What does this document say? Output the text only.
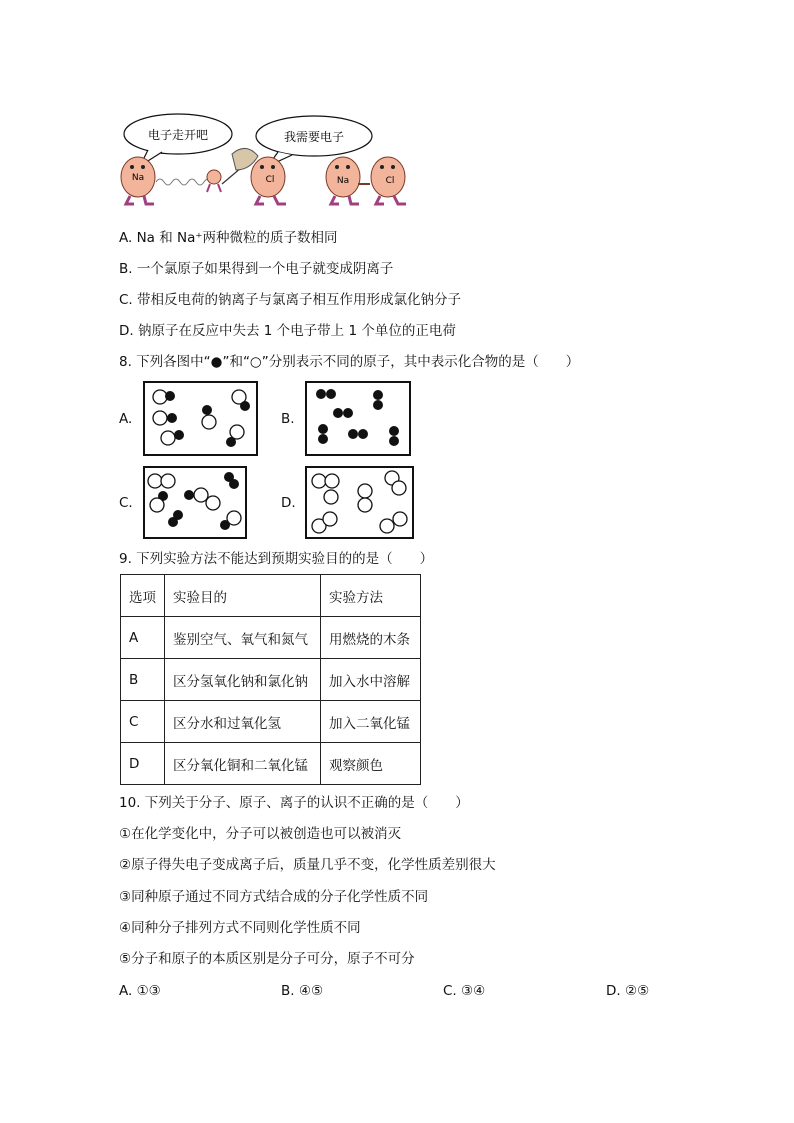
电子走开吧	我需要电子
Na	Cl	Na	Cl
A. Na 和 Na⁺两种微粒的质子数相同
B. 一个氯原子如果得到一个电子就变成阴离子
C. 带相反电荷的钠离子与氯离子相互作用形成氯化钠分子
D. 钠原子在反应中失去 1 个电子带上 1 个单位的正电荷
8. 下列各图中“●”和“○”分别表示不同的原子，其中表示化合物的是（　　）
A.	B.
C.	D.
9. 下列实验方法不能达到预期实验目的的是（　　）
选项	实验目的	实验方法
A	鉴别空气、氧气和氮气	用燃烧的木条
B	区分氢氧化钠和氯化钠	加入水中溶解
C	区分水和过氧化氢	加入二氧化锰
D	区分氧化铜和二氧化锰	观察颜色
10. 下列关于分子、原子、离子的认识不正确的是（　　）
①在化学变化中，分子可以被创造也可以被消灭
②原子得失电子变成离子后，质量几乎不变，化学性质差别很大
③同种原子通过不同方式结合成的分子化学性质不同
④同种分子排列方式不同则化学性质不同
⑤分子和原子的本质区别是分子可分，原子不可分
A. ①③	B. ④⑤	C. ③④	D. ②⑤
